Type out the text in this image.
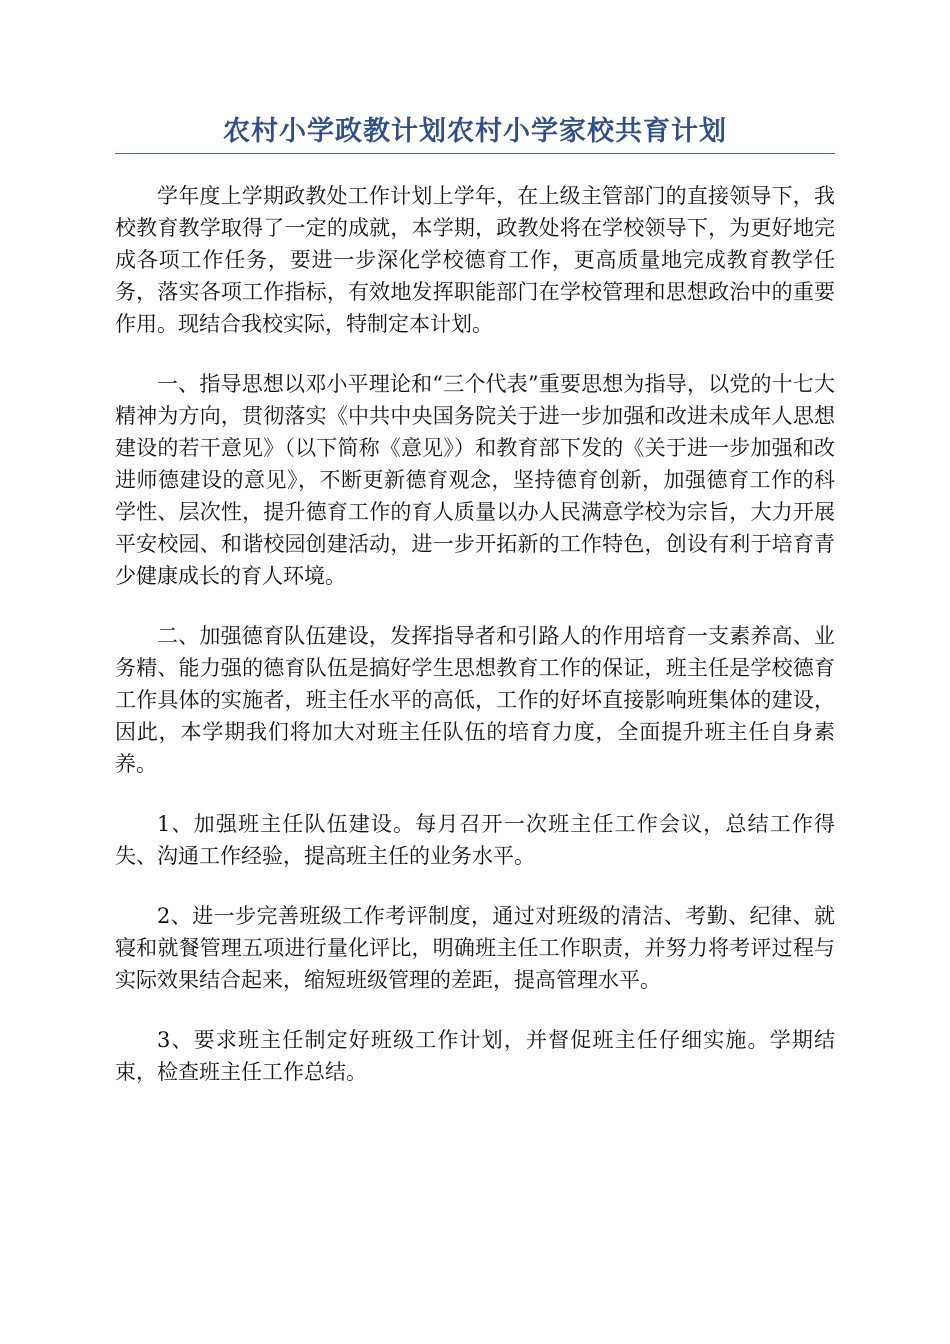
农村小学政教计划农村小学家校共育计划

学年度上学期政教处工作计划上学年，在上级主管部门的直接领导下，我校教育教学取得了一定的成就，本学期，政教处将在学校领导下，为更好地完成各项工作任务，要进一步深化学校德育工作，更高质量地完成教育教学任务，落实各项工作指标，有效地发挥职能部门在学校管理和思想政治中的重要作用。现结合我校实际，特制定本计划。

一、指导思想以邓小平理论和“三个代表”重要思想为指导，以党的十七大精神为方向，贯彻落实《中共中央国务院关于进一步加强和改进未成年人思想建设的若干意见》（以下简称《意见》）和教育部下发的《关于进一步加强和改进师德建设的意见》，不断更新德育观念，坚持德育创新，加强德育工作的科学性、层次性，提升德育工作的育人质量以办人民满意学校为宗旨，大力开展平安校园、和谐校园创建活动，进一步开拓新的工作特色，创设有利于培育青少健康成长的育人环境。

二、加强德育队伍建设，发挥指导者和引路人的作用培育一支素养高、业务精、能力强的德育队伍是搞好学生思想教育工作的保证，班主任是学校德育工作具体的实施者，班主任水平的高低，工作的好坏直接影响班集体的建设，因此，本学期我们将加大对班主任队伍的培育力度，全面提升班主任自身素养。

1、加强班主任队伍建设。每月召开一次班主任工作会议，总结工作得失、沟通工作经验，提高班主任的业务水平。

2、进一步完善班级工作考评制度，通过对班级的清洁、考勤、纪律、就寝和就餐管理五项进行量化评比，明确班主任工作职责，并努力将考评过程与实际效果结合起来，缩短班级管理的差距，提高管理水平。

3、要求班主任制定好班级工作计划，并督促班主任仔细实施。学期结束，检查班主任工作总结。
